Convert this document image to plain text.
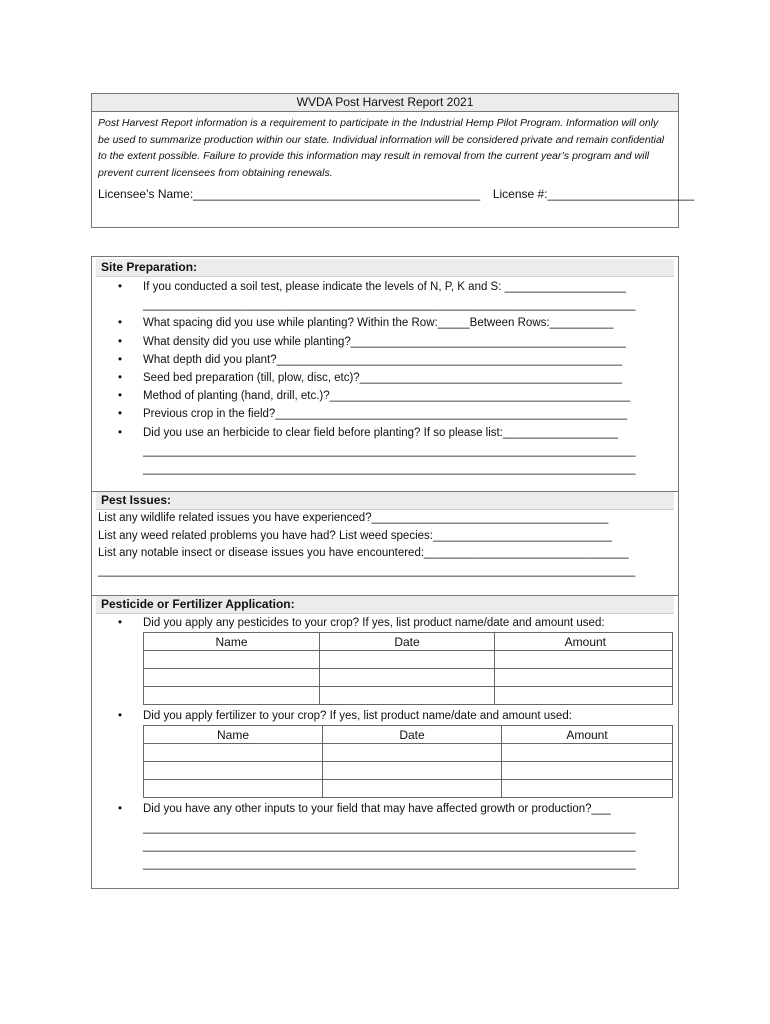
WVDA Post Harvest Report 2021
Post Harvest Report information is a requirement to participate in the Industrial Hemp Pilot Program. Information will only be used to summarize production within our state. Individual information will be considered private and remain confidential to the extent possible. Failure to provide this information may result in removal from the current year’s program and will prevent current licensees from obtaining renewals.
Licensee’s Name:___________________________________________ License #:______________________
Site Preparation:
• If you conducted a soil test, please indicate the levels of N, P, K and S: ___________________
_____________________________________________________________________________
• What spacing did you use while planting? Within the Row:_____Between Rows:__________
• What density did you use while planting?___________________________________________
• What depth did you plant?______________________________________________________
• Seed bed preparation (till, plow, disc, etc)?_________________________________________
• Method of planting (hand, drill, etc.)?_______________________________________________
• Previous crop in the field?_______________________________________________________
• Did you use an herbicide to clear field before planting? If so please list:__________________
_____________________________________________________________________________
_____________________________________________________________________________
Pest Issues:
List any wildlife related issues you have experienced?_____________________________________
List any weed related problems you have had? List weed species:____________________________
List any notable insect or disease issues you have encountered:________________________________
____________________________________________________________________________________
Pesticide or Fertilizer Application:
• Did you apply any pesticides to your crop? If yes, list product name/date and amount used:
Name	Date	Amount

• Did you apply fertilizer to your crop? If yes, list product name/date and amount used:
Name	Date	Amount

• Did you have any other inputs to your field that may have affected growth or production?___
_____________________________________________________________________________
_____________________________________________________________________________
_____________________________________________________________________________
